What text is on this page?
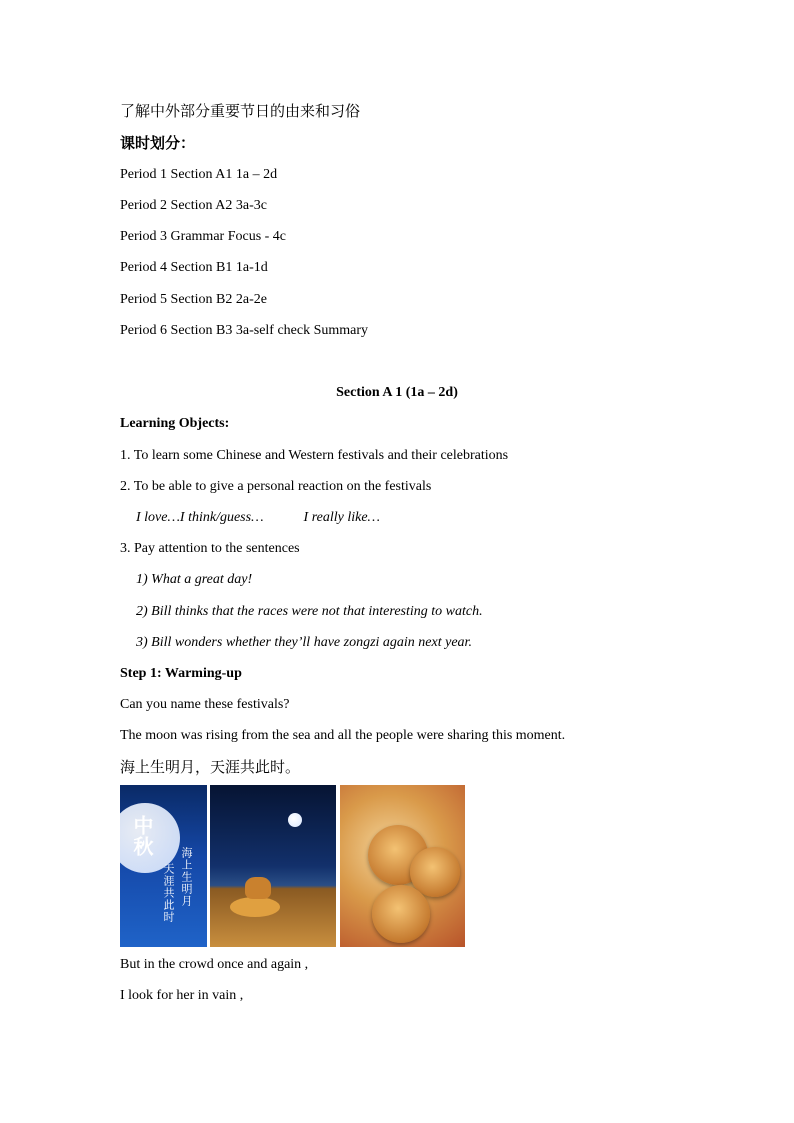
了解中外部分重要节日的由来和习俗
课时划分：
Period 1 Section A1 1a – 2d
Period 2 Section A2 3a-3c
Period 3 Grammar Focus - 4c
Period 4 Section B1 1a-1d
Period 5 Section B2 2a-2e
Period 6 Section B3 3a-self check Summary
Section A 1 (1a – 2d)
Learning Objects:
1. To learn some Chinese and Western festivals and their celebrations
2. To be able to give a personal reaction on the festivals
I love…I think/guess…	I really like…
3. Pay attention to the sentences
1) What a great day!
2) Bill thinks that the races were not that interesting to watch.
3) Bill wonders whether they’ll have zongzi again next year.
Step 1: Warming-up
Can you name these festivals?
The moon was rising from the sea and all the people were sharing this moment.
海上生明月，天涯共此时。
中秋
海上生明月
天涯共此时
But in the crowd once and again ,
I look for her in vain ,
